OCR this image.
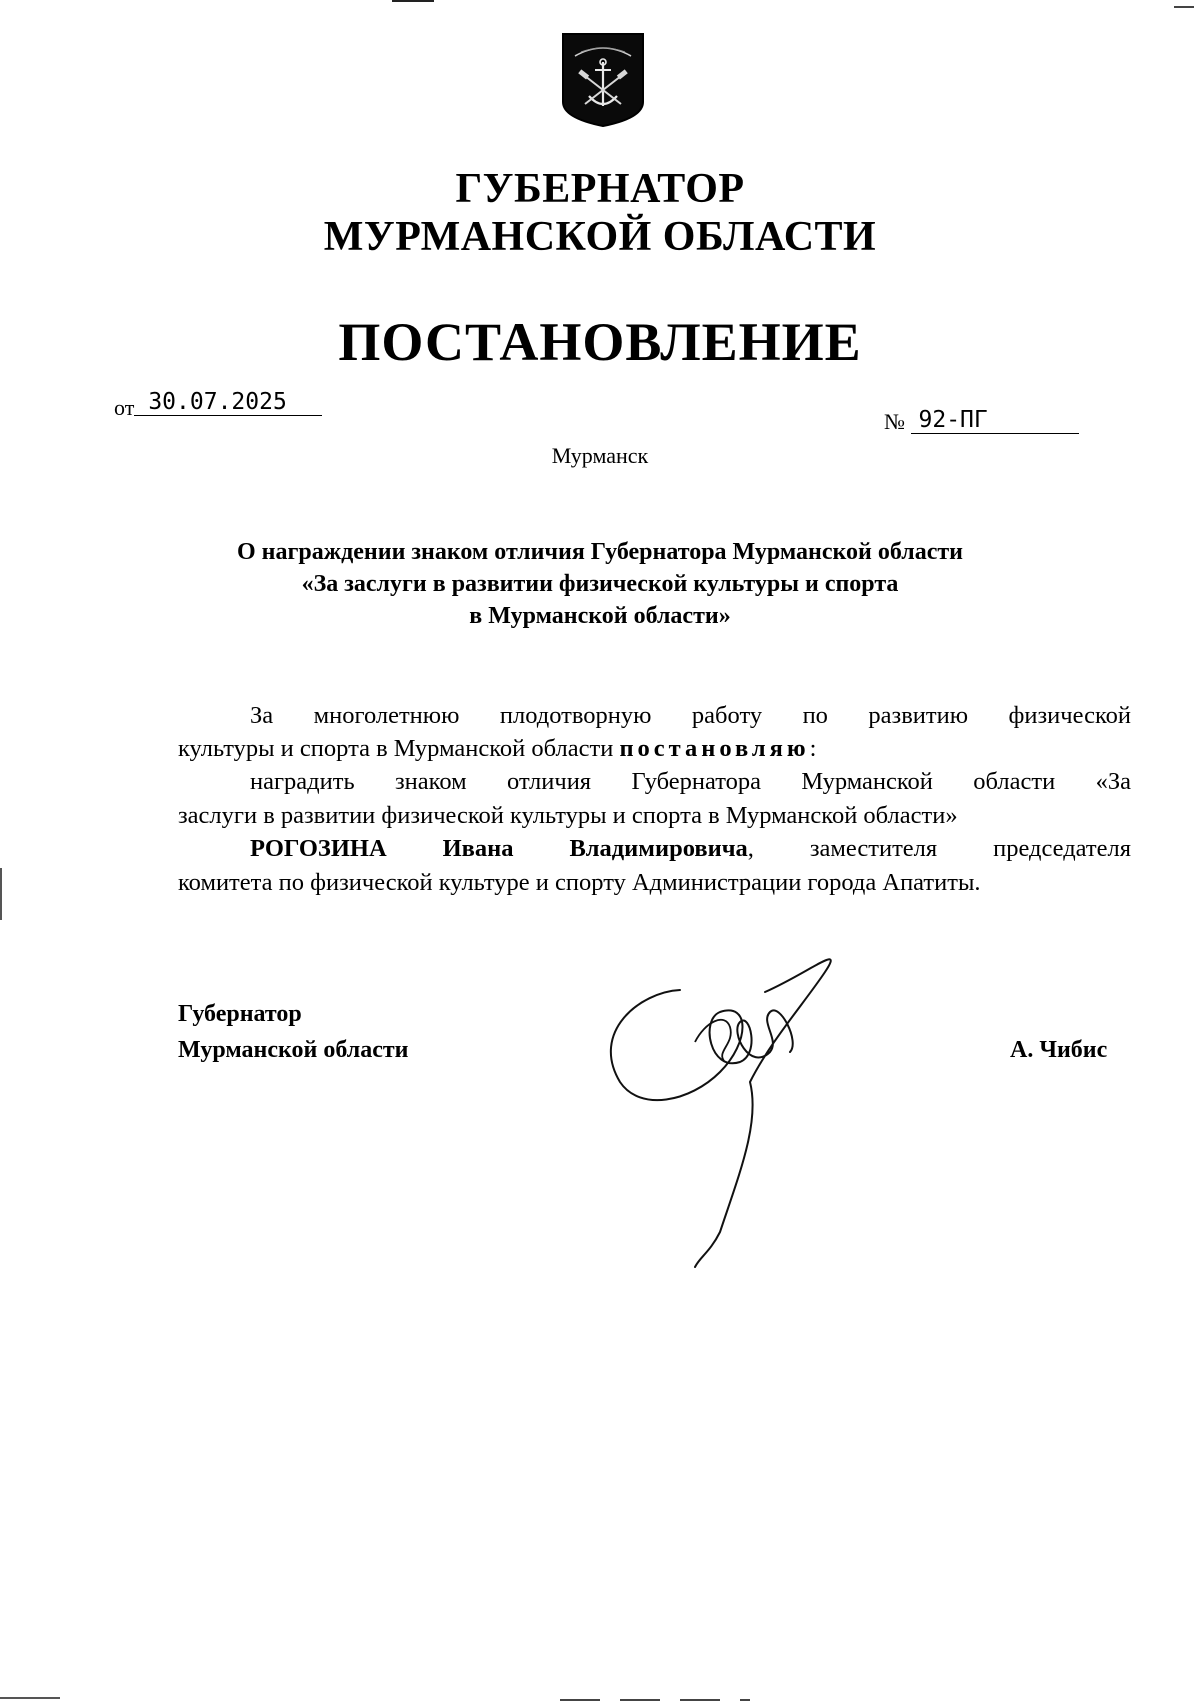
ГУБЕРНАТОР
МУРМАНСКОЙ ОБЛАСТИ
ПОСТАНОВЛЕНИЕ
от 30.07.2025
№ 92-ПГ
Мурманск
О награждении знаком отличия Губернатора Мурманской области
«За заслуги в развитии физической культуры и спорта
в Мурманской области»
За многолетнюю плодотворную работу по развитию физической
культуры и спорта в Мурманской области постановляю:
наградить знаком отличия Губернатора Мурманской области «За
заслуги в развитии физической культуры и спорта в Мурманской области»
РОГОЗИНА Ивана Владимировича, заместителя председателя
комитета по физической культуре и спорту Администрации города Апатиты.
Губернатор
Мурманской области	А. Чибис
